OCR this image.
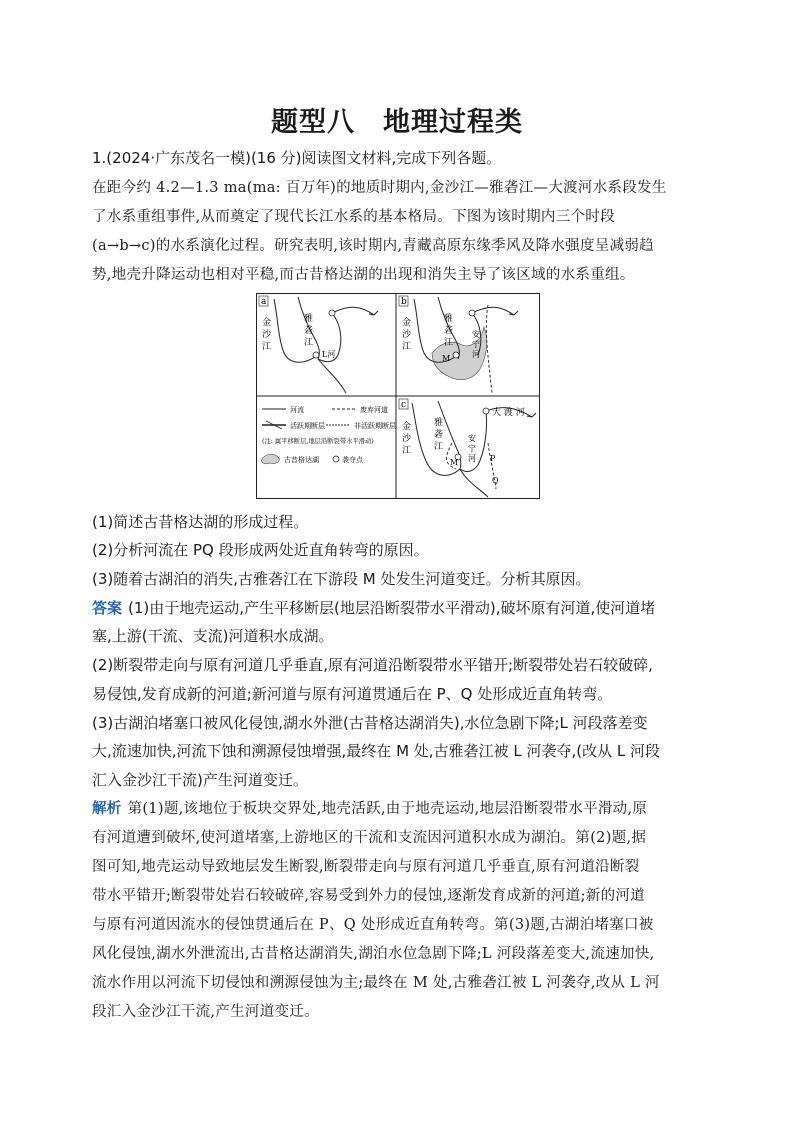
题型八　地理过程类
1.(2024·广东茂名一模)(16 分)阅读图文材料,完成下列各题。
在距今约 4.2—1.3 ma(ma: 百万年)的地质时期内,金沙江—雅砻江—大渡河水系段发生
了水系重组事件,从而奠定了现代长江水系的基本格局。下图为该时期内三个时段
(a→b→c)的水系演化过程。研究表明,该时期内,青藏高原东缘季风及降水强度呈减弱趋
势,地壳升降运动也相对平稳,而古昔格达湖的出现和消失主导了该区域的水系重组。
a
金
沙
江
雅
砻
江
L河
b
金
沙
江
雅
砻
江
安
宁
河
M
河流	废弃河道
活跃期断层	非活跃期断层
(注: 属平移断层,地层沿断裂带水平滑动)
古昔格达湖	袭夺点
c
金
沙
江
雅
砻
江
安
宁
河
大 渡 河
M	P
Q
(1)简述古昔格达湖的形成过程。
(2)分析河流在 PQ 段形成两处近直角转弯的原因。
(3)随着古湖泊的消失,古雅砻江在下游段 M 处发生河道变迁。分析其原因。
答案 (1)由于地壳运动,产生平移断层(地层沿断裂带水平滑动),破坏原有河道,使河道堵
塞,上游(干流、支流)河道积水成湖。
(2)断裂带走向与原有河道几乎垂直,原有河道沿断裂带水平错开;断裂带处岩石较破碎,
易侵蚀,发育成新的河道;新河道与原有河道贯通后在 P、Q 处形成近直角转弯。
(3)古湖泊堵塞口被风化侵蚀,湖水外泄(古昔格达湖消失),水位急剧下降;L 河段落差变
大,流速加快,河流下蚀和溯源侵蚀增强,最终在 M 处,古雅砻江被 L 河袭夺,(改从 L 河段
汇入金沙江干流)产生河道变迁。
解析 第(1)题,该地位于板块交界处,地壳活跃,由于地壳运动,地层沿断裂带水平滑动,原
有河道遭到破坏,使河道堵塞,上游地区的干流和支流因河道积水成为湖泊。第(2)题,据
图可知,地壳运动导致地层发生断裂,断裂带走向与原有河道几乎垂直,原有河道沿断裂
带水平错开;断裂带处岩石较破碎,容易受到外力的侵蚀,逐渐发育成新的河道;新的河道
与原有河道因流水的侵蚀贯通后在 P、Q 处形成近直角转弯。第(3)题,古湖泊堵塞口被
风化侵蚀,湖水外泄流出,古昔格达湖消失,湖泊水位急剧下降;L 河段落差变大,流速加快,
流水作用以河流下切侵蚀和溯源侵蚀为主;最终在 M 处,古雅砻江被 L 河袭夺,改从 L 河
段汇入金沙江干流,产生河道变迁。
